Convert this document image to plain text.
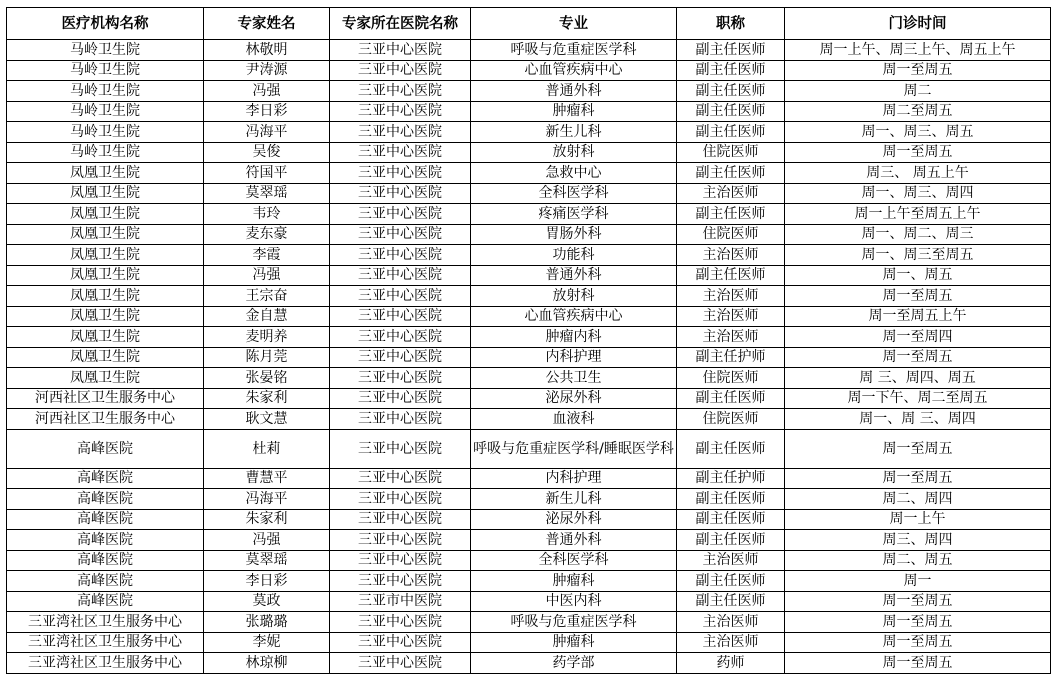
医疗机构名称	专家姓名	专家所在医院名称	专业	职称	门诊时间
马岭卫生院	林敬明	三亚中心医院	呼吸与危重症医学科	副主任医师	周一上午、周三上午、周五上午
马岭卫生院	尹涛源	三亚中心医院	心血管疾病中心	副主任医师	周一至周五
马岭卫生院	冯强	三亚中心医院	普通外科	副主任医师	周二
马岭卫生院	李日彩	三亚中心医院	肿瘤科	副主任医师	周二至周五
马岭卫生院	冯海平	三亚中心医院	新生儿科	副主任医师	周一、周三、周五
马岭卫生院	吴俊	三亚中心医院	放射科	住院医师	周一至周五
凤凰卫生院	符国平	三亚中心医院	急救中心	副主任医师	周三、 周五上午
凤凰卫生院	莫翠瑶	三亚中心医院	全科医学科	主治医师	周一、周三、周四
凤凰卫生院	韦玲	三亚中心医院	疼痛医学科	副主任医师	周一上午至周五上午
凤凰卫生院	麦东豪	三亚中心医院	胃肠外科	住院医师	周一、周二、周三
凤凰卫生院	李霞	三亚中心医院	功能科	主治医师	周一、周三至周五
凤凰卫生院	冯强	三亚中心医院	普通外科	副主任医师	周一、周五
凤凰卫生院	王宗奋	三亚中心医院	放射科	主治医师	周一至周五
凤凰卫生院	金自慧	三亚中心医院	心血管疾病中心	主治医师	周一至周五上午
凤凰卫生院	麦明养	三亚中心医院	肿瘤内科	主治医师	周一至周四
凤凰卫生院	陈月莞	三亚中心医院	内科护理	副主任护师	周一至周五
凤凰卫生院	张晏铭	三亚中心医院	公共卫生	住院医师	周 三、周四、周五
河西社区卫生服务中心	朱家利	三亚中心医院	泌尿外科	副主任医师	周一下午、周二至周五
河西社区卫生服务中心	耿文慧	三亚中心医院	血液科	住院医师	周一、周 三、周四
高峰医院	杜莉	三亚中心医院	呼吸与危重症医学科/睡眠医学科	副主任医师	周一至周五
高峰医院	曹慧平	三亚中心医院	内科护理	副主任护师	周一至周五
高峰医院	冯海平	三亚中心医院	新生儿科	副主任医师	周二、周四
高峰医院	朱家利	三亚中心医院	泌尿外科	副主任医师	周一上午
高峰医院	冯强	三亚中心医院	普通外科	副主任医师	周三、周四
高峰医院	莫翠瑶	三亚中心医院	全科医学科	主治医师	周二、周五
高峰医院	李日彩	三亚中心医院	肿瘤科	副主任医师	周一
高峰医院	莫政	三亚市中医院	中医内科	副主任医师	周一至周五
三亚湾社区卫生服务中心	张璐璐	三亚中心医院	呼吸与危重症医学科	主治医师	周一至周五
三亚湾社区卫生服务中心	李妮	三亚中心医院	肿瘤科	主治医师	周一至周五
三亚湾社区卫生服务中心	林琼柳	三亚中心医院	药学部	药师	周一至周五
